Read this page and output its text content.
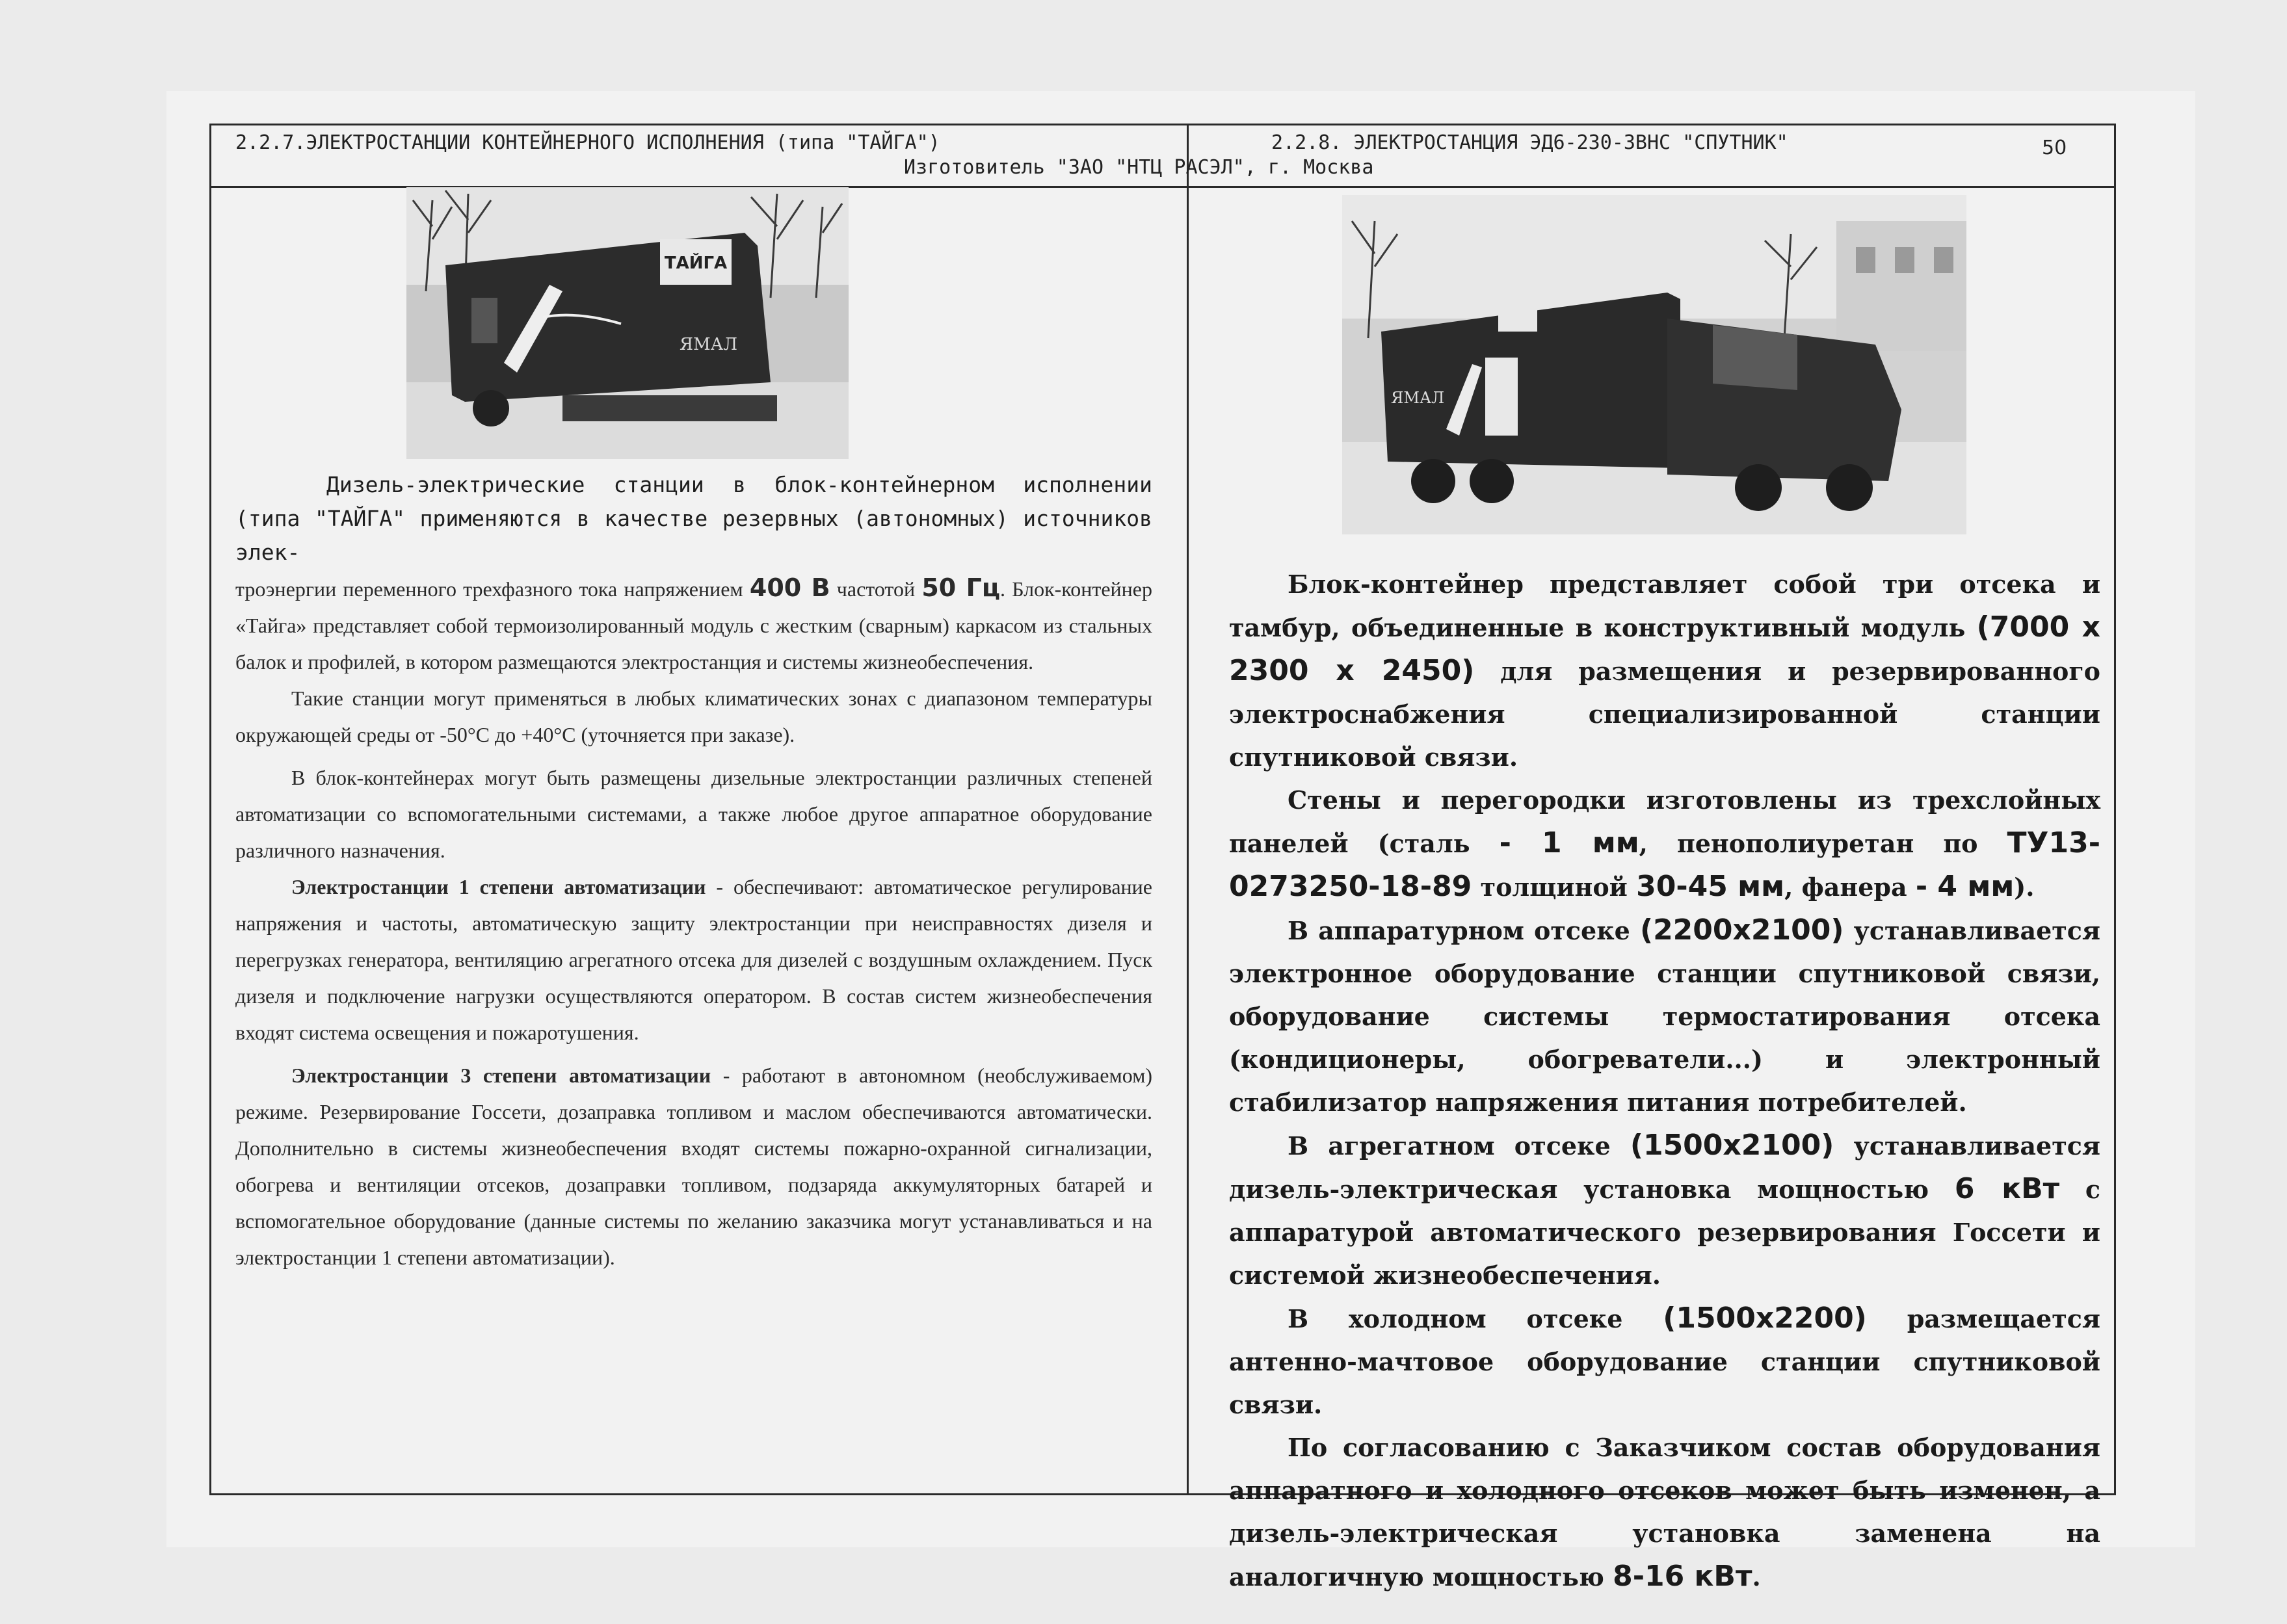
2.2.7.ЭЛЕКТРОСТАНЦИИ КОНТЕЙНЕРНОГО ИСПОЛНЕНИЯ (типа "ТАЙГА")	2.2.8. ЭЛЕКТРОСТАНЦИЯ ЭД6-230-3ВНС "СПУТНИК"
Изготовитель "ЗАО "НТЦ РАСЭЛ", г. Москва
50
ТАЙГА
ЯМАЛ
ЯМАЛ

Дизель-электрические станции в блок-контейнерном исполнении (типа "ТАЙГА" применяются в качестве резервных (автономных) источников элек-

троэнергии переменного трехфазного тока напряжением 400 В частотой 50 Гц. Блок-контейнер «Тайга» представляет собой термоизолированный модуль с жестким (сварным) каркасом из стальных балок и профилей, в котором размещаются электростанция и системы жизнеобеспечения.

Такие станции могут применяться в любых климатических зонах с диапазоном температуры окружающей среды от -50°С до +40°С (уточняется при заказе).

В блок-контейнерах могут быть размещены дизельные электростанции различных степеней автоматизации со вспомогательными системами, а также любое другое аппаратное оборудование различного назначения.

Электростанции 1 степени автоматизации - обеспечивают: автоматическое регулирование напряжения и частоты, автоматическую защиту электростанции при неисправностях дизеля и перегрузках генератора, вентиляцию агрегатного отсека для дизелей с воздушным охлаждением. Пуск дизеля и подключение нагрузки осуществляются оператором. В состав систем жизнеобеспечения входят система освещения и пожаротушения.

Электростанции 3 степени автоматизации - работают в автономном (необслуживаемом) режиме. Резервирование Госсети, дозаправка топливом и маслом обеспечиваются автоматически. Дополнительно в системы жизнеобеспечения входят системы пожарно-охранной сигнализации, обогрева и вентиляции отсеков, дозаправки топливом, подзаряда аккумуляторных батарей и вспомогательное оборудование (данные системы по желанию заказчика могут устанавливаться и на электростанции 1 степени автоматизации).

Блок-контейнер представляет собой три отсека и тамбур, объединенные в конструктивный модуль (7000 х 2300 х 2450) для размещения и резервированного электроснабжения специализированной станции спутниковой связи.

Стены и перегородки изготовлены из трехслойных панелей (сталь - 1 мм, пенополиуретан по ТУ13-0273250-18-89 толщиной 30-45 мм, фанера - 4 мм).

В аппаратурном отсеке (2200х2100) устанавливается электронное оборудование станции спутниковой связи, оборудование системы термостатирования отсека (кондиционеры, обогреватели...) и электронный стабилизатор напряжения питания потребителей.

В агрегатном отсеке (1500х2100) устанавливается дизель-электрическая установка мощностью 6 кВт с аппаратурой автоматического резервирования Госсети и системой жизнеобеспечения.

В холодном отсеке (1500х2200) размещается антенно-мачтовое оборудование станции спутниковой связи.

По согласованию с Заказчиком состав оборудования аппаратного и холодного отсеков может быть изменен, а дизель-электрическая установка заменена на аналогичную мощностью 8-16 кВт.
